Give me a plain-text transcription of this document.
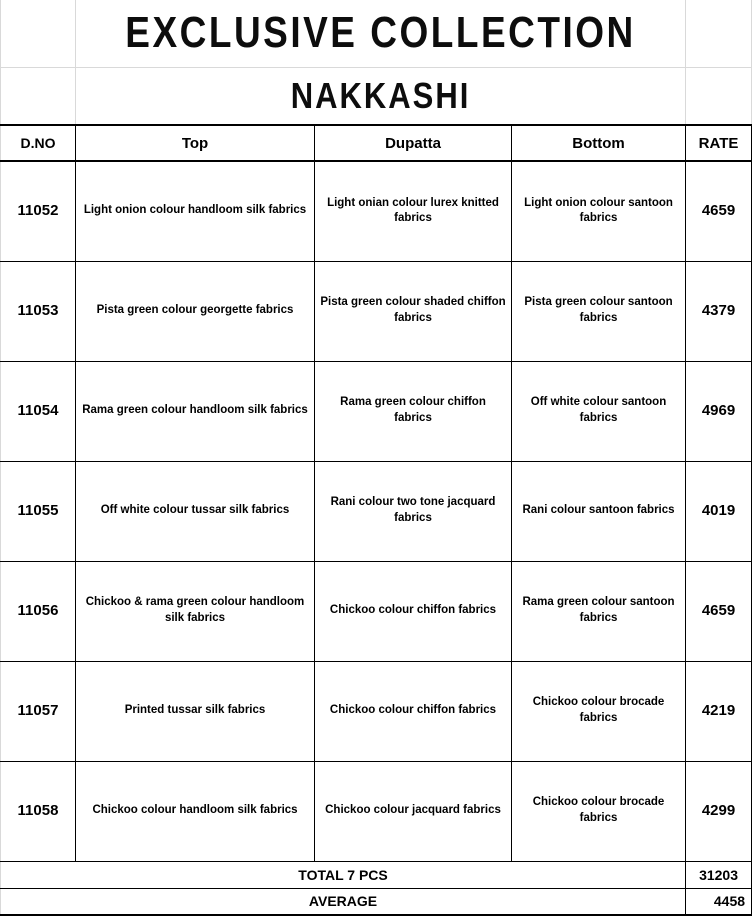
	EXCLUSIVE COLLECTION			
	NAKKASHI			
D.NO	Top	Dupatta	Bottom	RATE
11052	Light onion colour handloom silk fabrics	Light onian colour lurex knitted fabrics	Light onion colour santoon fabrics	4659
11053	Pista green colour georgette fabrics	Pista green colour shaded chiffon fabrics	Pista green colour santoon fabrics	4379
11054	Rama green colour handloom silk fabrics	Rama green colour chiffon fabrics	Off white colour santoon fabrics	4969
11055	Off white colour tussar silk fabrics	Rani colour two tone jacquard fabrics	Rani colour santoon fabrics	4019
11056	Chickoo & rama green colour handloom silk fabrics	Chickoo colour chiffon fabrics	Rama green colour santoon fabrics	4659
11057	Printed tussar silk fabrics	Chickoo colour chiffon fabrics	Chickoo colour brocade fabrics	4219
11058	Chickoo colour handloom silk fabrics	Chickoo colour jacquard fabrics	Chickoo colour brocade fabrics	4299
TOTAL 7 PCS				31203
AVERAGE				4458
